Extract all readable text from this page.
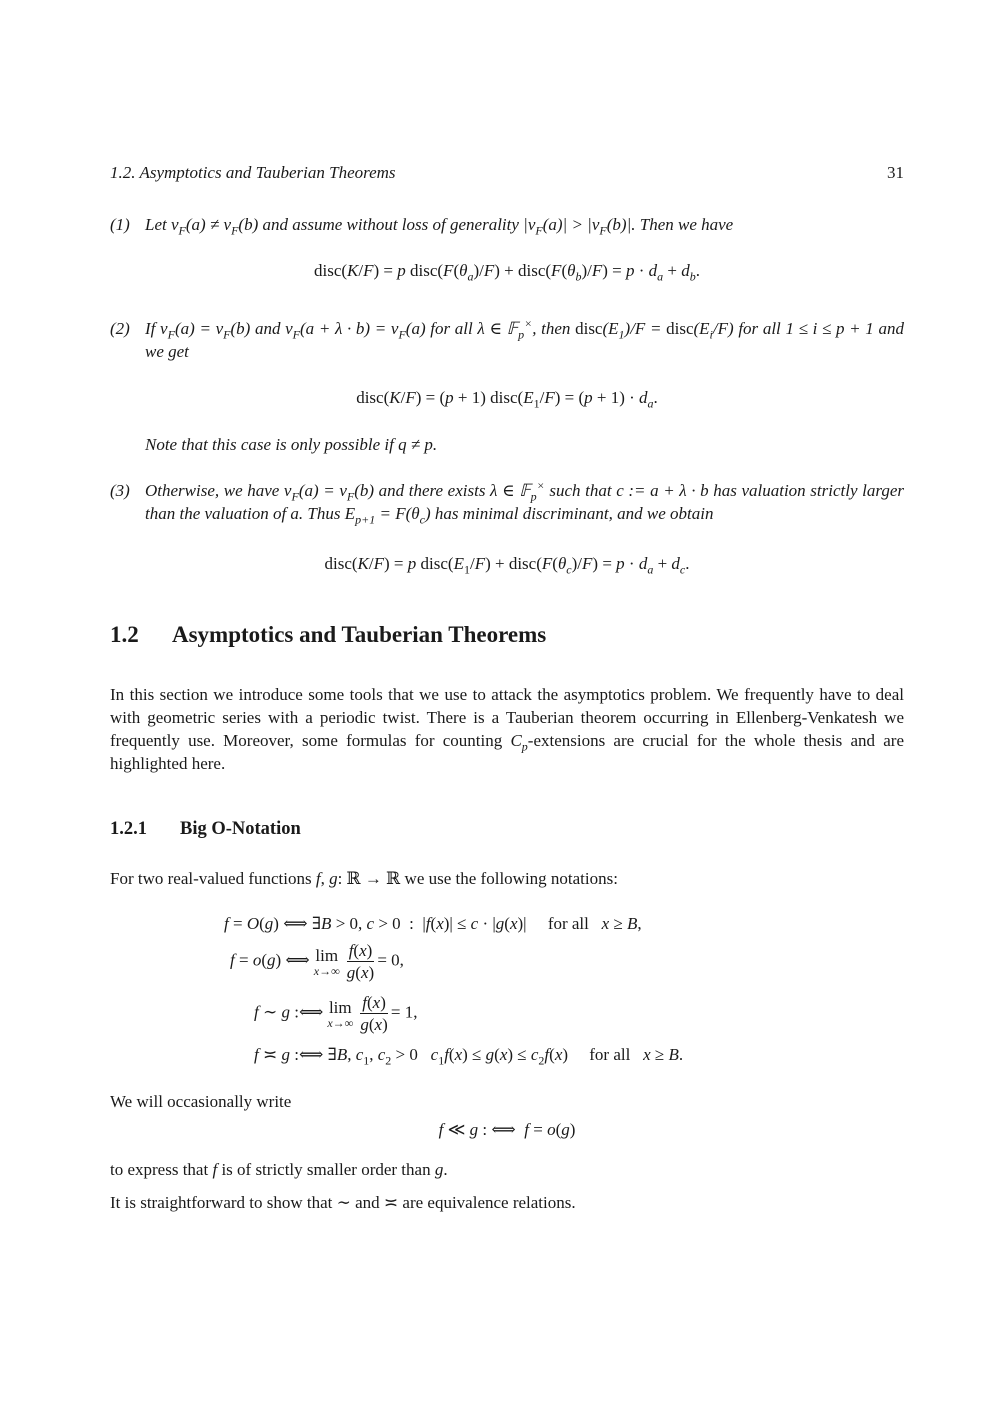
1.2. Asymptotics and Tauberian Theorems	31
(1) Let $\nu_F(a) \ne \nu_F(b)$ and assume without loss of generality $|\nu_F(a)| > |\nu_F(b)|$. Then we have
disc(K/F) = p $disc(F(\theta_a)/F)$ + $disc(F(\theta_b)/F) = p \cdot d_a + d_b$.
(2) If $\nu_F(a) = \nu_F(b)$ and $\nu_F(a + \lambda \cdot b) = \nu_F(a)$ for all λ ∈ 𝔽$_p$×, then $disc(E_1)/F$ = $disc(E_i/F)$ for all 1 ≤ i ≤ p + 1 and we get
disc(K/F) = (p + 1) $disc(E_1/F) = (p + 1) \cdot d_a$.
Note that this case is only possible if q ≠ p.
(3) Otherwise, we have $\nu_F(a) = \nu_F(b)$ and there exists λ ∈ 𝔽$_p$× such that c := a + λ · b has valuation strictly larger than the valuation of a. Thus $E_{p+1} = F(\theta_c)$ has minimal discriminant, and we obtain
disc(K/F) = p $disc(E_1/F)$ + $disc(F(\theta_c)/F) = p \cdot d_a + d_c$.
1.2 Asymptotics and Tauberian Theorems
In this section we introduce some tools that we use to attack the asymptotics problem. We frequently have to deal with geometric series with a periodic twist. There is a Tauberian theorem occurring in Ellenberg-Venkatesh we frequently use. Moreover, some formulas for counting $C_p$-extensions are crucial for the whole thesis and are highlighted here.
1.2.1 Big O-Notation
For two real-valued functions f, g: ℝ → ℝ we use the following notations:
f = O(g) ⟺ ∃B > 0, c > 0  :  |f(x)| ≤ c · |g(x)|     for all   x ≥ B,
f = o(g) ⟺ lim
$x\to\infty \frac{f(x)}{g(x)} = 0$,
f ∼ g :⟺ lim
$x\to\infty \frac{f(x)}{g(x)} = 1$,
f ≍ g :⟺ ∃B, $c_1$, $c_2 > 0$   $c_1f(x) \le g(x) \le c_2f(x)$     for all   x ≥ B.
We will occasionally write
f ≪ g : ⟺  f = o(g)
to express that f is of strictly smaller order than g.
It is straightforward to show that ∼ and ≍ are equivalence relations.
